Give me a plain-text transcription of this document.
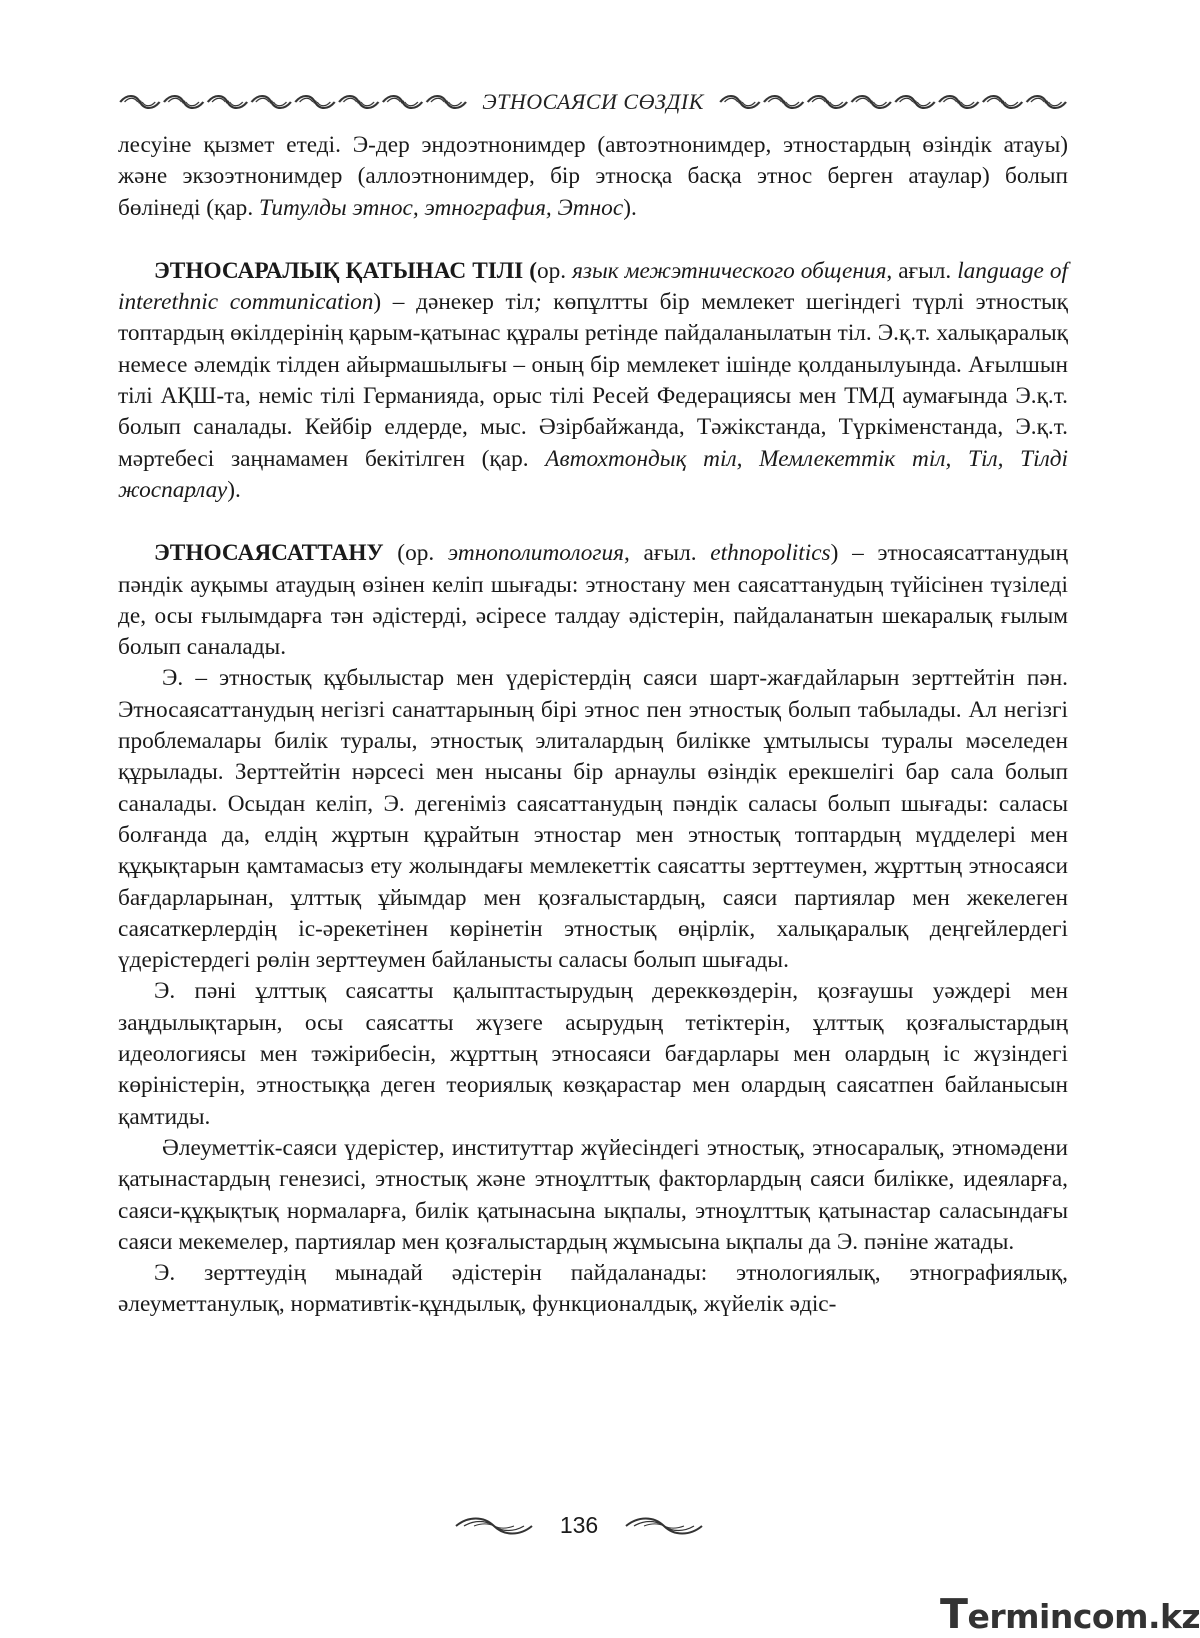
ЭТНОСАЯСИ СӨЗДІК

лесуіне қызмет етеді. Э-дер эндоэтнонимдер (автоэтнонимдер, этностардың өзіндік атауы) және экзоэтнонимдер (аллоэтнонимдер, бір этносқа басқа этнос берген атаулар) болып бөлінеді (қар. Титулды этнос, этнография, Этнос).

ЭТНОСАРАЛЫҚ ҚАТЫНАС ТІЛІ (ор. язык межэтнического общения, ағыл. language of interethnic communication) – дәнекер тіл; көпұлтты бір мемлекет шегіндегі түрлі этностық топтардың өкілдерінің қарым-қатынас құралы ретінде пайдаланылатын тіл. Э.қ.т. халықаралық немесе әлемдік тілден айырмашылығы – оның бір мемлекет ішінде қолданылуында. Ағылшын тілі АҚШ-та, неміс тілі Германияда, орыс тілі Ресей Федерациясы мен ТМД аумағында Э.қ.т. болып саналады. Кейбір елдерде, мыс. Әзірбайжанда, Тәжікстанда, Түркіменстанда, Э.қ.т. мәртебесі заңнамамен бекітілген (қар. Автохтондық тіл, Мемлекеттік тіл, Тіл, Тілді жоспарлау).

ЭТНОСАЯСАТТАНУ (ор. этнополитология, ағыл. ethnopolitics) – этносаясаттанудың пәндік ауқымы атаудың өзінен келіп шығады: этностану мен саясаттанудың түйісінен түзіледі де, осы ғылымдарға тән әдістерді, әсіресе талдау әдістерін, пайдаланатын шекаралық ғылым болып саналады.

Э. – этностық құбылыстар мен үдерістердің саяси шарт-жағдайларын зерттейтін пән. Этносаясаттанудың негізгі санаттарының бірі этнос пен этностық болып табылады. Ал негізгі проблемалары билік туралы, этностық элиталардың билікке ұмтылысы туралы мәселеден құрылады. Зерттейтін нәрсесі мен нысаны бір арнаулы өзіндік ерекшелігі бар сала болып саналады. Осыдан келіп, Э. дегеніміз саясаттанудың пәндік саласы болып шығады: саласы болғанда да, елдің жұртын құрайтын этностар мен этностық топтардың мүдделері мен құқықтарын қамтамасыз ету жолындағы мемлекеттік саясатты зерттеумен, жұрттың этносаяси бағдарларынан, ұлттық ұйымдар мен қозғалыстардың, саяси партиялар мен жекелеген саясаткерлердің іс-әрекетінен көрінетін этностық өңірлік, халықаралық деңгейлердегі үдерістердегі рөлін зерттеумен байланысты саласы болып шығады.

Э. пәні ұлттық саясатты қалыптастырудың дереккөздерін, қозғаушы уәждері мен заңдылықтарын, осы саясатты жүзеге асырудың тетіктерін, ұлттық қозғалыстардың идеологиясы мен тәжірибесін, жұрттың этносаяси бағдарлары мен олардың іс жүзіндегі көріністерін, этностыққа деген теориялық көзқарастар мен олардың саясатпен байланысын қамтиды.

Әлеуметтік-саяси үдерістер, институттар жүйесіндегі этностық, этносаралық, этномәдени қатынастардың генезисі, этностық және этноұлттық факторлардың саяси билікке, идеяларға, саяси-құқықтық нормаларға, билік қатынасына ықпалы, этноұлттық қатынастар саласындағы саяси мекемелер, партиялар мен қозғалыстардың жұмысына ықпалы да Э. пәніне жатады.

Э. зерттеудің мынадай әдістерін пайдаланады: этнологиялық, этнографиялық, әлеуметтанулық, нормативтік-құндылық, функционалдық, жүйелік әдіс-

136
Termincom.kz
